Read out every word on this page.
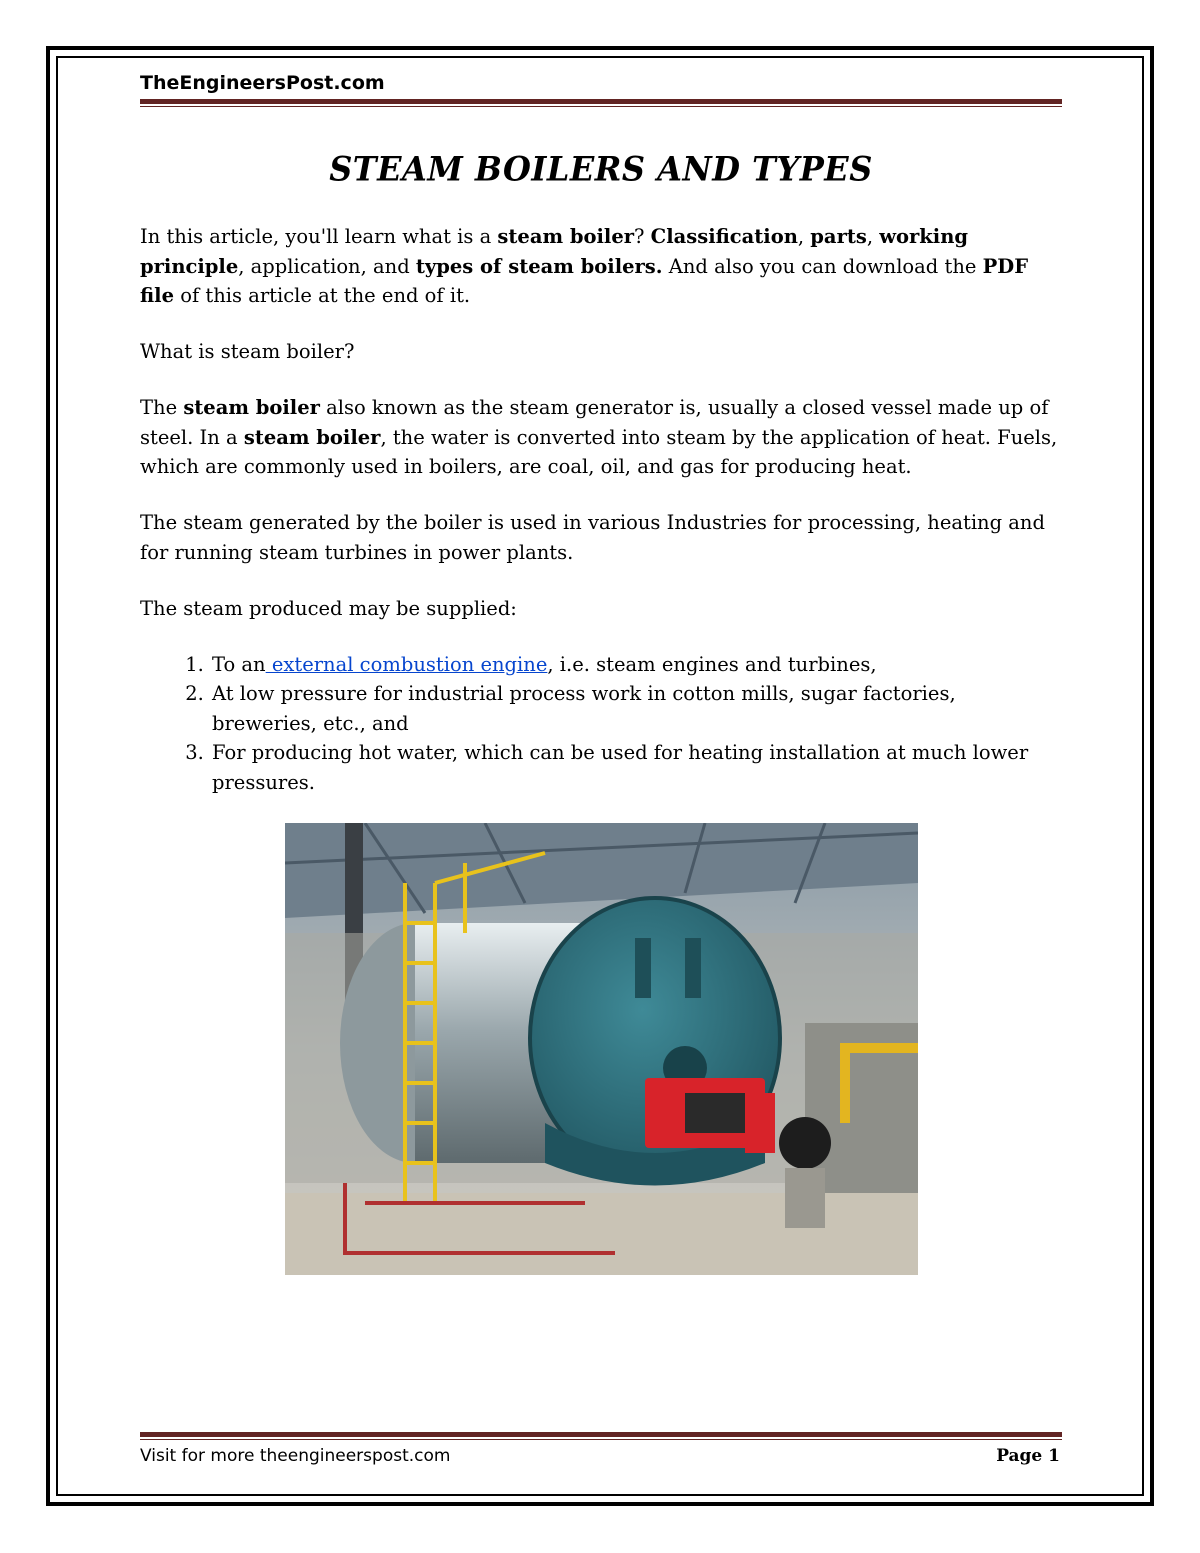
TheEngineersPost.com
STEAM BOILERS AND TYPES

In this article, you'll learn what is a steam boiler? Classification, parts, working principle, application, and types of steam boilers. And also you can download the PDF file of this article at the end of it.

What is steam boiler?

The steam boiler also known as the steam generator is, usually a closed vessel made up of steel. In a steam boiler, the water is converted into steam by the application of heat. Fuels, which are commonly used in boilers, are coal, oil, and gas for producing heat.

The steam generated by the boiler is used in various Industries for processing, heating and for running steam turbines in power plants.

The steam produced may be supplied:

1. To an external combustion engine, i.e. steam engines and turbines,
2. At low pressure for industrial process work in cotton mills, sugar factories, breweries, etc., and
3. For producing hot water, which can be used for heating installation at much lower pressures.
Visit for more theengineerspost.com	Page 1
